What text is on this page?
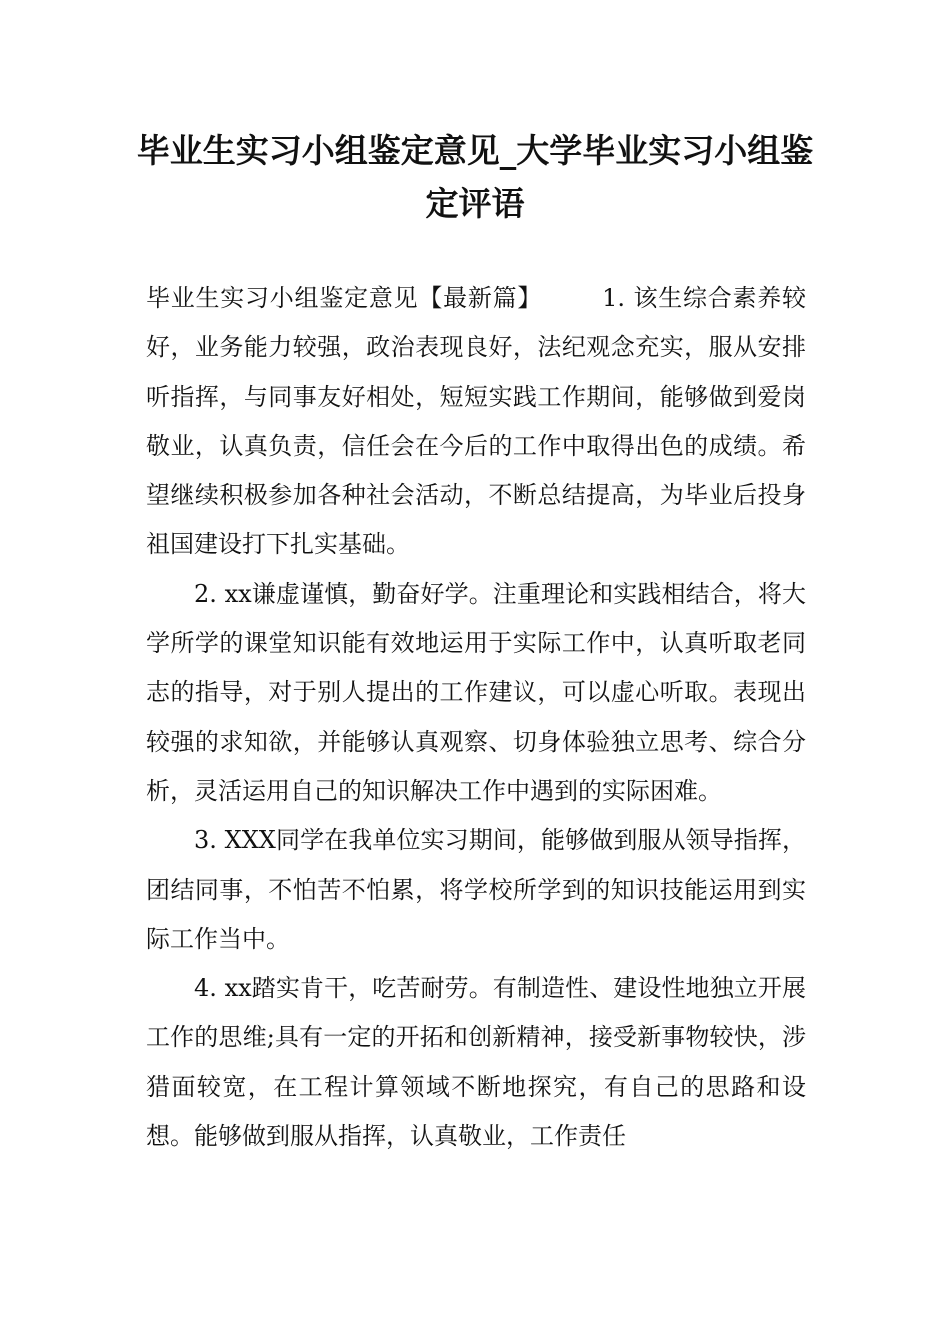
毕业生实习小组鉴定意见_大学毕业实习小组鉴定评语

毕业生实习小组鉴定意见【最新篇】	1. 该生综合素养较好，业务能力较强，政治表现良好，法纪观念充实，服从安排听指挥，与同事友好相处，短短实践工作期间，能够做到爱岗敬业，认真负责，信任会在今后的工作中取得出色的成绩。希望继续积极参加各种社会活动，不断总结提高，为毕业后投身祖国建设打下扎实基础。

2. xx谦虚谨慎，勤奋好学。注重理论和实践相结合，将大学所学的课堂知识能有效地运用于实际工作中，认真听取老同志的指导，对于别人提出的工作建议，可以虚心听取。表现出较强的求知欲，并能够认真观察、切身体验独立思考、综合分析，灵活运用自己的知识解决工作中遇到的实际困难。

3. XXX同学在我单位实习期间，能够做到服从领导指挥，团结同事，不怕苦不怕累，将学校所学到的知识技能运用到实际工作当中。

4. xx踏实肯干，吃苦耐劳。有制造性、建设性地独立开展工作的思维;具有一定的开拓和创新精神，接受新事物较快，涉猎面较宽，在工程计算领域不断地探究，有自己的思路和设想。能够做到服从指挥，认真敬业，工作责任
